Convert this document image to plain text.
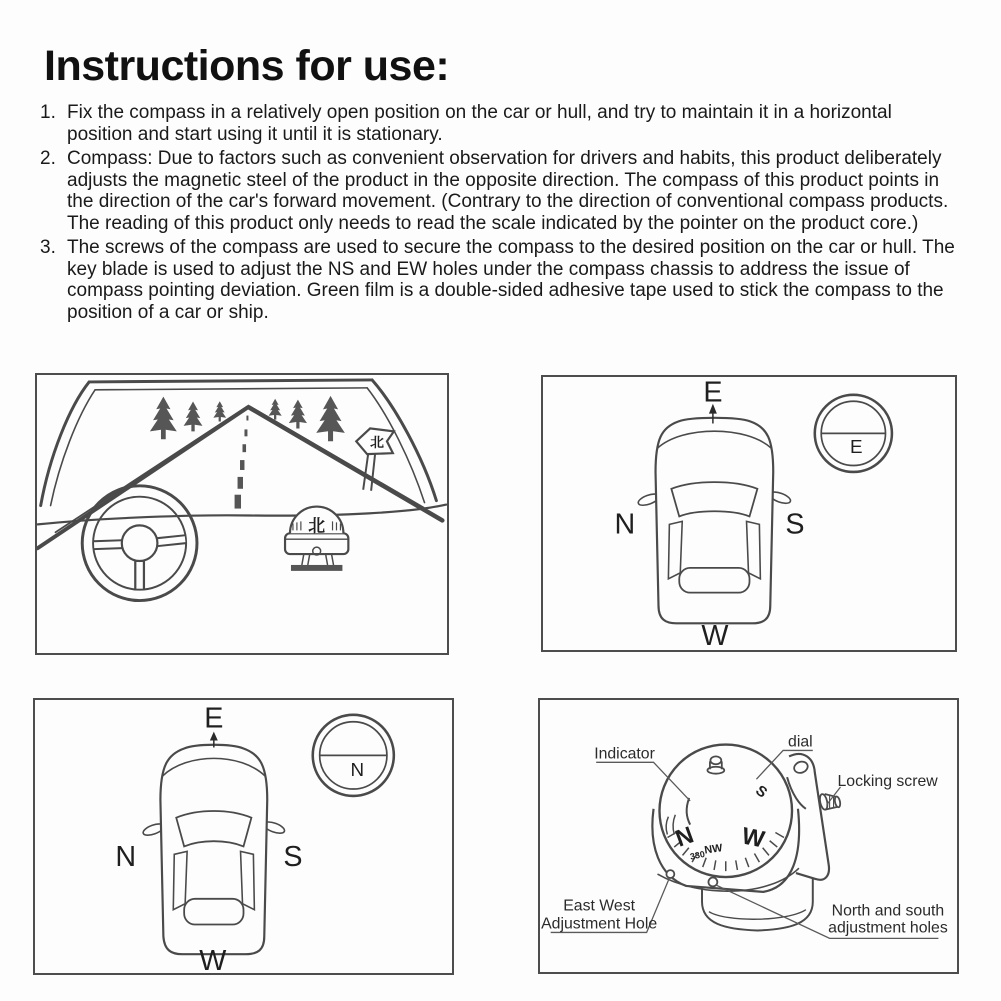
Instructions for use:
1. Fix the compass in a relatively open position on the car or hull, and try to maintain it in a horizontal position and start using it until it is stationary.
2. Compass: Due to factors such as convenient observation for drivers and habits, this product deliberately adjusts the magnetic steel of the product in the opposite direction. The compass of this product points in the direction of the car's forward movement. (Contrary to the direction of conventional compass products. The reading of this product only needs to read the scale indicated by the pointer on the product core.)
3. The screws of the compass are used to secure the compass to the desired position on the car or hull. The key blade is used to adjust the NS and EW holes under the compass chassis to address the issue of compass pointing deviation. Green film is a double-sided adhesive tape used to stick the compass to the position of a car or ship.
北
北
E
N	S
W
E
E
N	S
W
N
N
330
NW W
S
Indicator
dial
Locking screw
East West
Adjustment Hole
North and south
adjustment holes
